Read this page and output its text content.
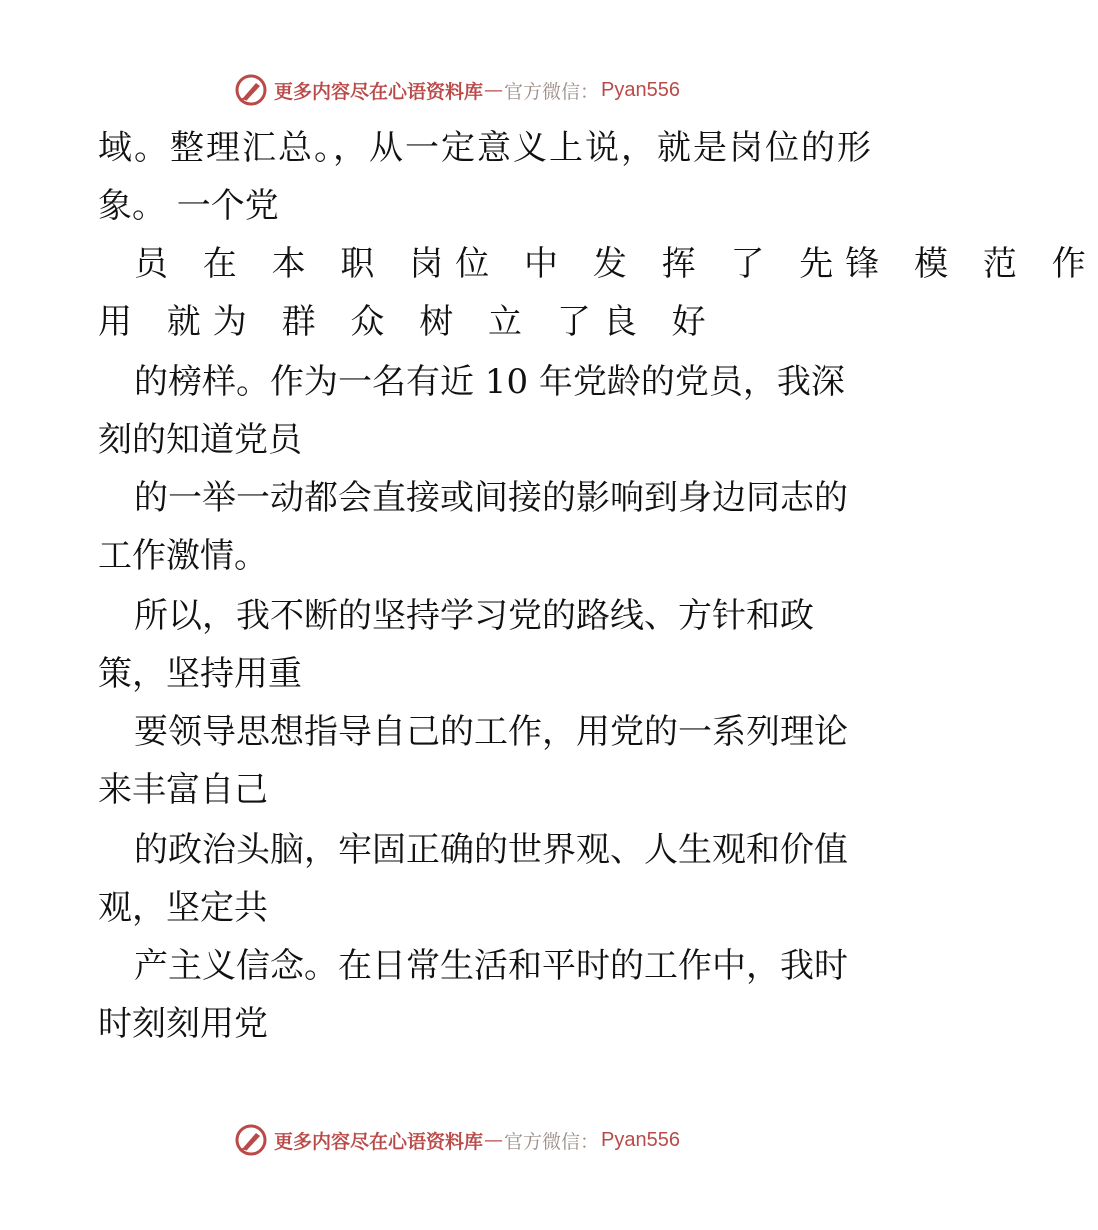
更多内容尽在心语资料库 — 官方微信： Pyan556
域。整理汇总。，从一定意义上说，就是岗位的形
象。 一个党
员 在 本 职 岗位 中 发 挥 了 先锋 模 范 作
用 就为 群 众 树 立 了良 好
的榜样。作为一名有近 10 年党龄的党员，我深
刻的知道党员
的一举一动都会直接或间接的影响到身边同志的
工作激情。
所以，我不断的坚持学习党的路线、方针和政
策，坚持用重
要领导思想指导自己的工作，用党的一系列理论
来丰富自己
的政治头脑，牢固正确的世界观、人生观和价值
观，坚定共
产主义信念。在日常生活和平时的工作中，我时
时刻刻用党
更多内容尽在心语资料库 — 官方微信： Pyan556
